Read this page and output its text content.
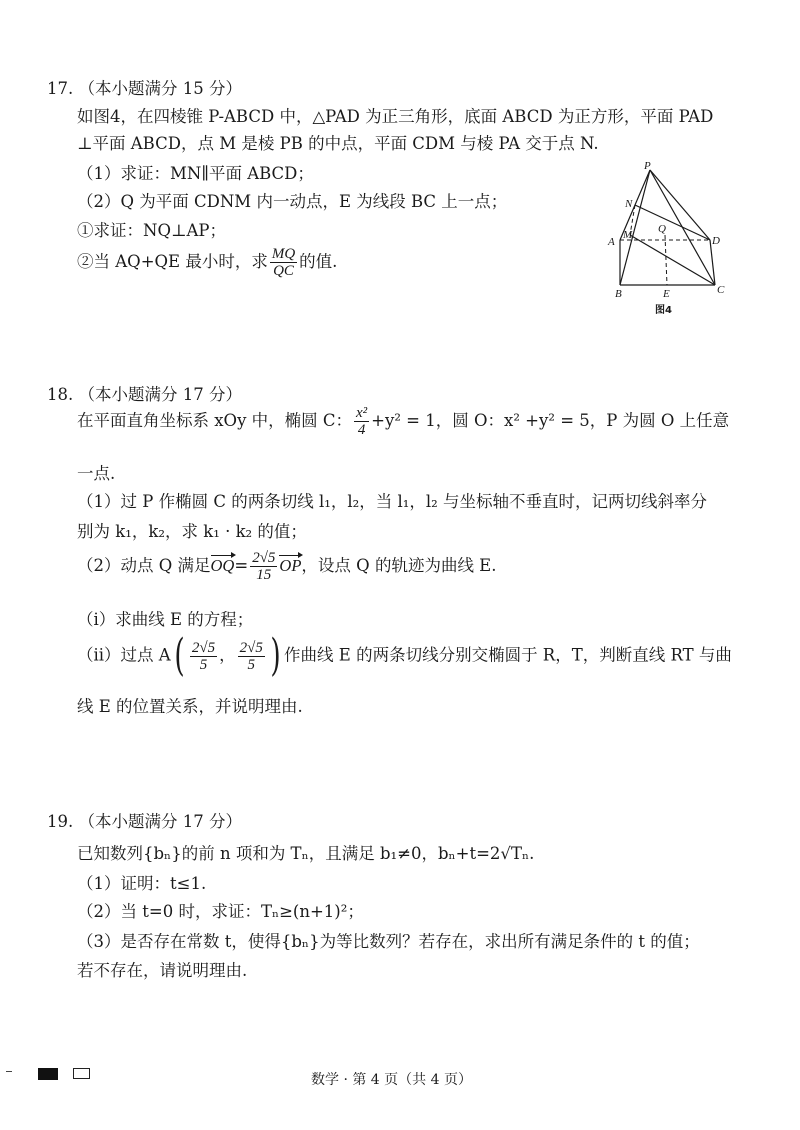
17. （本小题满分 15 分）
如图4，在四棱锥 P-ABCD 中，△PAD 为正三角形，底面 ABCD 为正方形，平面 PAD
⊥平面 ABCD，点 M 是棱 PB 的中点，平面 CDM 与棱 PA 交于点 N.
（1）求证：MN∥平面 ABCD；
（2）Q 为平面 CDNM 内一动点，E 为线段 BC 上一点；
①求证：NQ⊥AP；
②当 AQ+QE 最小时，求 $\frac{MQ}{QC}$ 的值.
P
N
M Q
A	D
B	E	C
图4
18. （本小题满分 17 分）
在平面直角坐标系 xOy 中，椭圆 C： $\frac{\text{x²}}{4} +y^2 = 1$，圆 O：x² +y² = 5，P 为圆 O 上任意
一点.
（1）过 P 作椭圆 C 的两条切线 l₁，l₂，当 l₁，l₂ 与坐标轴不垂直时，记两切线斜率分
别为 k₁，k₂，求 k₁ · k₂ 的值；
（2）动点 Q 满足$OQ= \frac{2√5}{15}$ OP，设点 Q 的轨迹为曲线 E.
（i）求曲线 E 的方程；
（ii）过点 $A( \frac{2√5}{5}$ ， $\frac{2√5}{5}$ ) 作曲线 E 的两条切线分别交椭圆于 R，T，判断直线 RT 与曲
线 E 的位置关系，并说明理由.
19. （本小题满分 17 分）
已知数列{bₙ}的前 n 项和为 Tₙ，且满足 b₁≠0，bₙ+t=2√Tₙ.
（1）证明：t≤1.
（2）当 t=0 时，求证：Tₙ≥(n+1)²；
（3）是否存在常数 t，使得{bₙ}为等比数列？若存在，求出所有满足条件的 t 的值；
若不存在，请说明理由.
数学 · 第 4 页（共 4 页）
